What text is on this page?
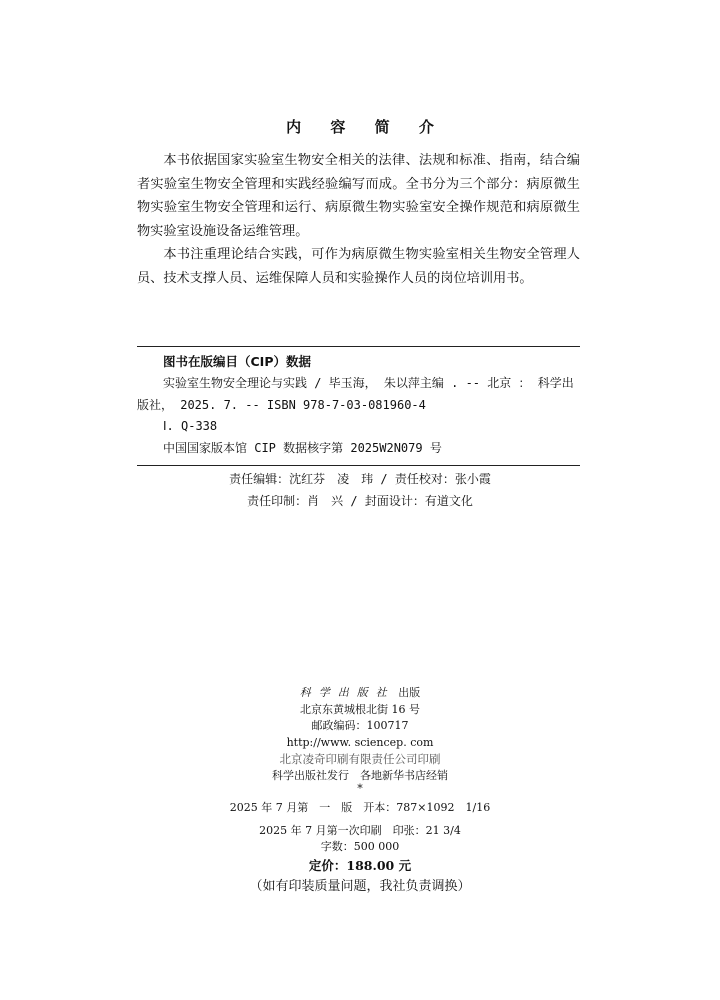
内 容 简 介

本书依据国家实验室生物安全相关的法律、法规和标准、指南，结合编者实验室生物安全管理和实践经验编写而成。全书分为三个部分：病原微生物实验室生物安全管理和运行、病原微生物实验室安全操作规范和病原微生物实验室设施设备运维管理。

本书注重理论结合实践，可作为病原微生物实验室相关生物安全管理人员、技术支撑人员、运维保障人员和实验操作人员的岗位培训用书。

图书在版编目（CIP）数据
实验室生物安全理论与实践 / 毕玉海， 朱以萍主编 . -- 北京 ： 科学出版社， 2025. 7. -- ISBN 978-7-03-081960-4
Ⅰ. Q-338
中国国家版本馆 CIP 数据核字第 2025W2N079 号
责任编辑：沈红芬　凌　玮 / 责任校对：张小霞
责任印制：肖　兴 / 封面设计：有道文化
科学出版社 出版
北京东黄城根北街 16 号
邮政编码：100717
http://www. sciencep. com
北京凌奇印刷有限责任公司印刷
科学出版社发行　各地新华书店经销
*
2025 年 7 月第　一　版　开本：787×1092　1/16
2025 年 7 月第一次印刷　印张：21 3/4
字数：500 000
定价：188.00 元
（如有印装质量问题，我社负责调换）
